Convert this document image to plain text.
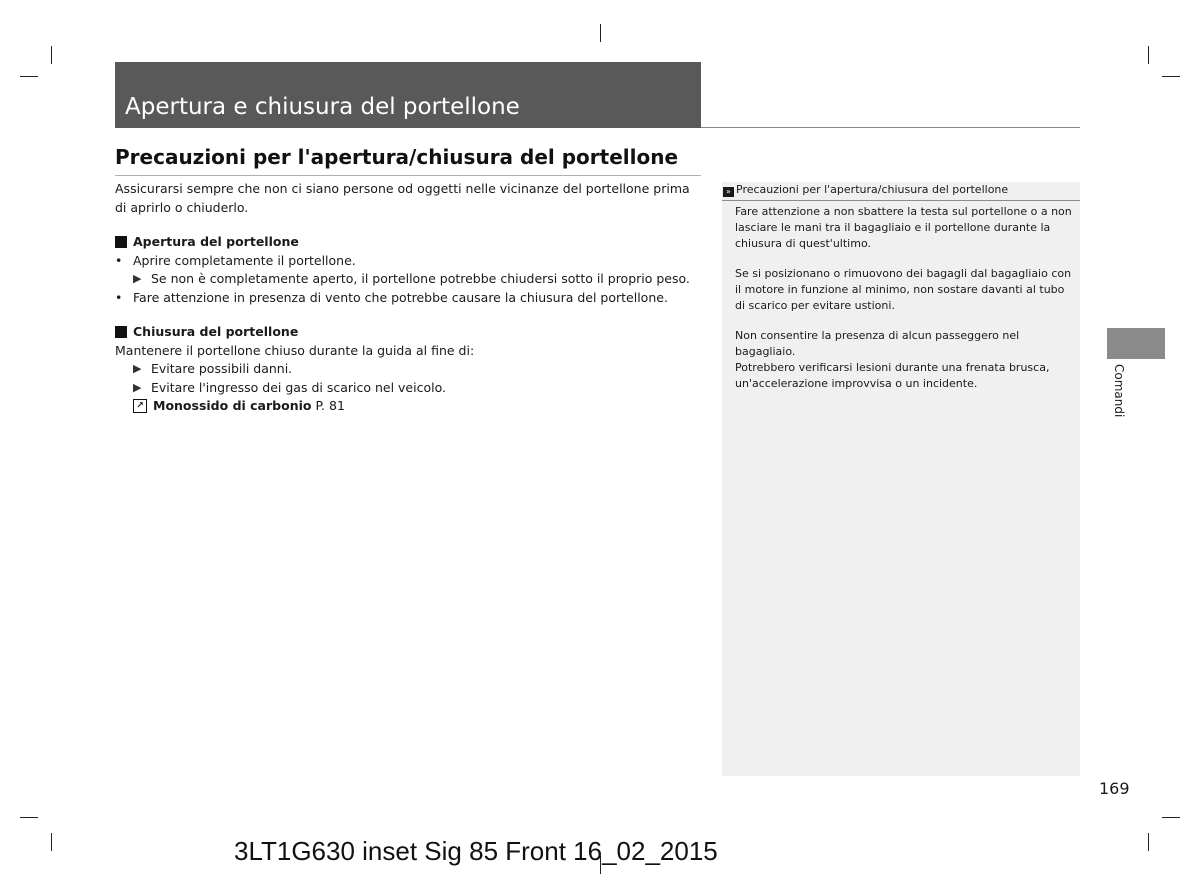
Apertura e chiusura del portellone
Precauzioni per l'apertura/chiusura del portellone

Assicurarsi sempre che non ci siano persone od oggetti nelle vicinanze del portellone prima di aprirlo o chiuderlo.

Apertura del portellone
• Aprire completamente il portellone.
▶ Se non è completamente aperto, il portellone potrebbe chiudersi sotto il proprio peso.
• Fare attenzione in presenza di vento che potrebbe causare la chiusura del portellone.
Chiusura del portellone

Mantenere il portellone chiuso durante la guida al fine di:

▶ Evitare possibili danni.
▶ Evitare l'ingresso dei gas di scarico nel veicolo.
↗ Monossido di carbonio P. 81
» Precauzioni per l'apertura/chiusura del portellone

Fare attenzione a non sbattere la testa sul portellone o a non lasciare le mani tra il bagagliaio e il portellone durante la chiusura di quest'ultimo.

Se si posizionano o rimuovono dei bagagli dal bagagliaio con il motore in funzione al minimo, non sostare davanti al tubo di scarico per evitare ustioni.

Non consentire la presenza di alcun passeggero nel bagagliaio.

Potrebbero verificarsi lesioni durante una frenata brusca, un'accelerazione improvvisa o un incidente.	Comandi
169
3LT1G630 inset Sig 85 Front 16_02_2015
